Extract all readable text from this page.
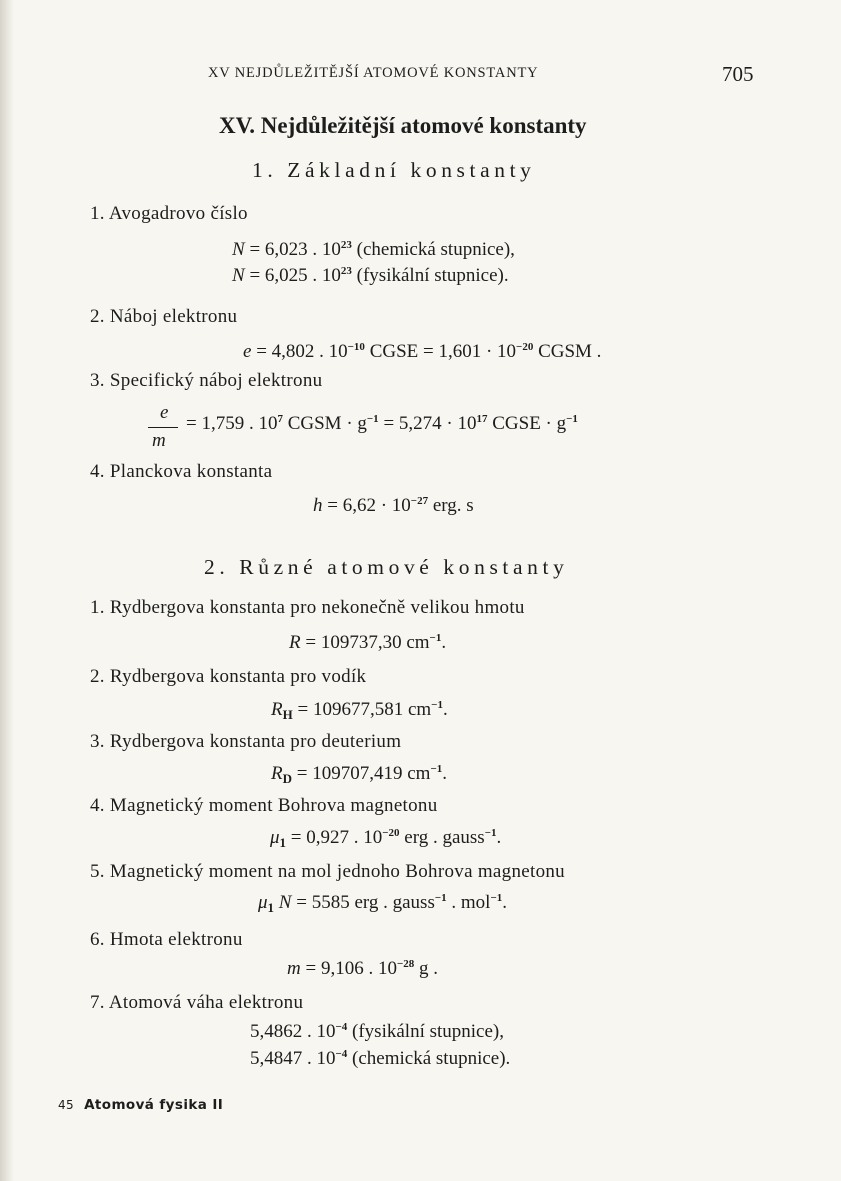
XV NEJDŮLEŽITĚJŠÍ ATOMOVÉ KONSTANTY	705
XV. Nejdůležitější atomové konstanty
1. Základní konstanty
1. Avogadrovo číslo
N = 6,023 . $10^{23}$ (chemická stupnice),
N = 6,025 . $10^{23}$ (fysikální stupnice).
2. Náboj elektronu
e = 4,802 . $10^{-10}$ CGSE = $1,601 \cdot 10^{-20}$ CGSM .
3. Specifický náboj elektronu
e
m
= 1,759 . $10^7$ CGSM · $g^{-1} = 5,274 \cdot 10^{17}$ CGSE · $g^{-1}$
4. Planckova konstanta
$h = 6,62 \cdot 10^{-27}$ erg. s
2. Různé atomové konstanty
1. Rydbergova konstanta pro nekonečně velikou hmotu
R = 109737,30 $cm^{-1}$.
2. Rydbergova konstanta pro vodík
$R_H = 109677,581$ $cm^{-1}$.
3. Rydbergova konstanta pro deuterium
$R_D = 109707,419$ $cm^{-1}$.
4. Magnetický moment Bohrova magnetonu
$\mu_1 = 0,927$ . $10^{-20}$ erg . gauss$^{-1}$.
5. Magnetický moment na mol jednoho Bohrova magnetonu
$\mu_1$ N = 5585 erg . gauss$^{-1}$ . mol$^{-1}$.
6. Hmota elektronu
m = 9,106 . $10^{-28}$ g .
7. Atomová váha elektronu
5,4862 . $10^{-4}$ (fysikální stupnice),
5,4847 . $10^{-4}$ (chemická stupnice).
45 Atomová fysika II
